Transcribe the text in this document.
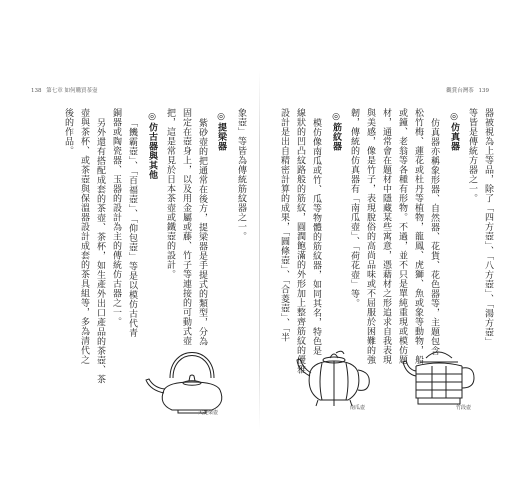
138 第七章 如何購買茶壺
象壺」等皆為傳統筋紋器之一。
◎提梁器
紫砂壺的把通常在後方，提梁器是手提式的類型，分為
固定在壺身上，以及用金屬或藤、竹子等連接的可動式壺
把，這是常見於日本茶壺或鐵壺的設計。
◎仿古器與其他
「饑霸壺」、「百福壺」、「仰包壺」等是以模仿古代青
銅器或陶瓷器、玉器的設計為主的傳統仿古器之一。
另外還有搭配成套的茶壺、茶杯，如生產外出口產品的茶壺、茶
壺與茶杯、或茶壺與保溫器設計成套的茶具組等，多為清代之
後的作品。
大提梁壺
觀賞台灣茶 139
器被視為上等品，除了「四方壺」、「八方壺」、「湯方壺」
等皆是傳統方器之一。
◎仿真器
仿真器亦稱象形器、自然器、花貨、花色器等，主題包含
松竹梅、蓮花或杜丹等植物，龍鳳、虎獅、魚或象等動物，船
或鐘、老翁等各種有形物。不過，並不只是單純重現或模仿題
材，通常會在題材中隱藏某些寓意，憑藉材之形追求自我表現
與美感，像是竹子，表現脫俗的高尚品味或不屈服於困難的強
韌，傳統的仿真器有「南瓜壺」、「荷花壺」等。
◎筋紋器
模仿像南瓜或竹、瓜等物體的筋紋器，如同其名，特色是
線狀的凹凸紋路般的筋紋，圓潤飽滿的外形加上整齊筋紋的優雅
設計是出自精密計算的成果，「圓條壺」、「合菱壺」、「半
南瓜壺	竹段壺
